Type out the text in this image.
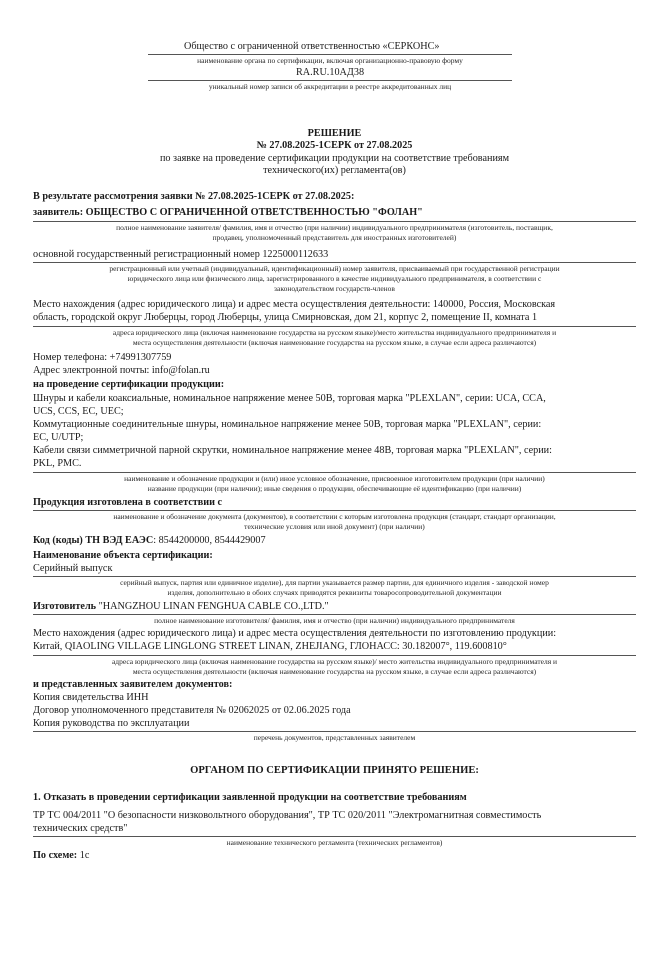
Общество с ограниченной ответственностью «СЕРКОНС»
наименование органа по сертификации, включая организационно-правовую форму
RA.RU.10АД38
уникальный номер записи об аккредитации в реестре аккредитованных лиц
РЕШЕНИЕ
№ 27.08.2025-1СЕРК от 27.08.2025
по заявке на проведение сертификации продукции на соответствие требованиям
технического(их) регламента(ов)
В результате рассмотрения заявки № 27.08.2025-1СЕРК от 27.08.2025:
заявитель: ОБЩЕСТВО С ОГРАНИЧЕННОЙ ОТВЕТСТВЕННОСТЬЮ "ФОЛАН"
полное наименование заявителя/ фамилия, имя и отчество (при наличии) индивидуального предпринимателя (изготовитель, поставщик,
продавец, уполномоченный представитель для иностранных изготовителей)
основной государственный регистрационный номер 1225000112633
регистрационный или учетный (индивидуальный, идентификационный) номер заявителя, присваиваемый при государственной регистрации
юридического лица или физического лица, зарегистрированного в качестве индивидуального предпринимателя, в соответствии с
законодательством государств-членов
Место нахождения (адрес юридического лица) и адрес места осуществления деятельности: 140000, Россия, Московская
область, городской округ Люберцы, город Люберцы, улица Смирновская, дом 21, корпус 2, помещение II, комната 1
адреса юридического лица (включая наименование государства на русском языке)/место жительства индивидуального предпринимателя и
места осуществления деятельности (включая наименование государства на русском языке, в случае если адреса различаются)
Номер телефона: +74991307759
Адрес электронной почты: info@folan.ru
на проведение сертификации продукции:
Шнуры и кабели коаксиальные, номинальное напряжение менее 50В, торговая марка "PLEXLAN", серии: UCA, CCA,
UCS, CCS, EC, UEC;
Коммутационные соединительные шнуры, номинальное напряжение менее 50В, торговая марка "PLEXLAN", серии:
EC, U/UTP;
Кабели связи симметричной парной скрутки, номинальное напряжение менее 48В, торговая марка "PLEXLAN", серии:
PKL, PMC.
наименование и обозначение продукции и (или) иное условное обозначение, присвоенное изготовителем продукции (при наличии)
название продукции (при наличии); иные сведения о продукции, обеспечивающие её идентификацию (при наличии)
Продукция изготовлена в соответствии с
наименование и обозначение документа (документов), в соответствии с которым изготовлена продукция (стандарт, стандарт организации,
технические условия или иной документ) (при наличии)
Код (коды) ТН ВЭД ЕАЭС: 8544200000, 8544429007
Наименование объекта сертификации:
Серийный выпуск
серийный выпуск, партия или единичное изделие), для партии указывается размер партии, для единичного изделия - заводской номер
изделия, дополнительно в обоих случаях приводятся реквизиты товаросопроводительной документации
Изготовитель "HANGZHOU LINAN FENGHUA CABLE CO.,LTD."
полное наименование изготовителя/ фамилия, имя и отчество (при наличии) индивидуального предпринимателя
Место нахождения (адрес юридического лица) и адрес места осуществления деятельности по изготовлению продукции:
Китай, QIAOLING VILLAGE LINGLONG STREET LINAN, ZHEJIANG, ГЛОНАСС: 30.182007°, 119.600810°
адреса юридического лица (включая наименование государства на русском языке)/ место жительства индивидуального предпринимателя и
места осуществления деятельности (включая наименование государства на русском языке, в случае если адреса различаются)
и представленных заявителем документов:
Копия свидетельства ИНН
Договор уполномоченного представителя № 02062025 от 02.06.2025 года
Копия руководства по эксплуатации
перечень документов, представленных заявителем
ОРГАНОМ ПО СЕРТИФИКАЦИИ ПРИНЯТО РЕШЕНИЕ:
1. Отказать в проведении сертификации заявленной продукции на соответствие требованиям
ТР ТС 004/2011 "О безопасности низковольтного оборудования", ТР ТС 020/2011 "Электромагнитная совместимость
технических средств"
наименование технического регламента (технических регламентов)
По схеме: 1с
